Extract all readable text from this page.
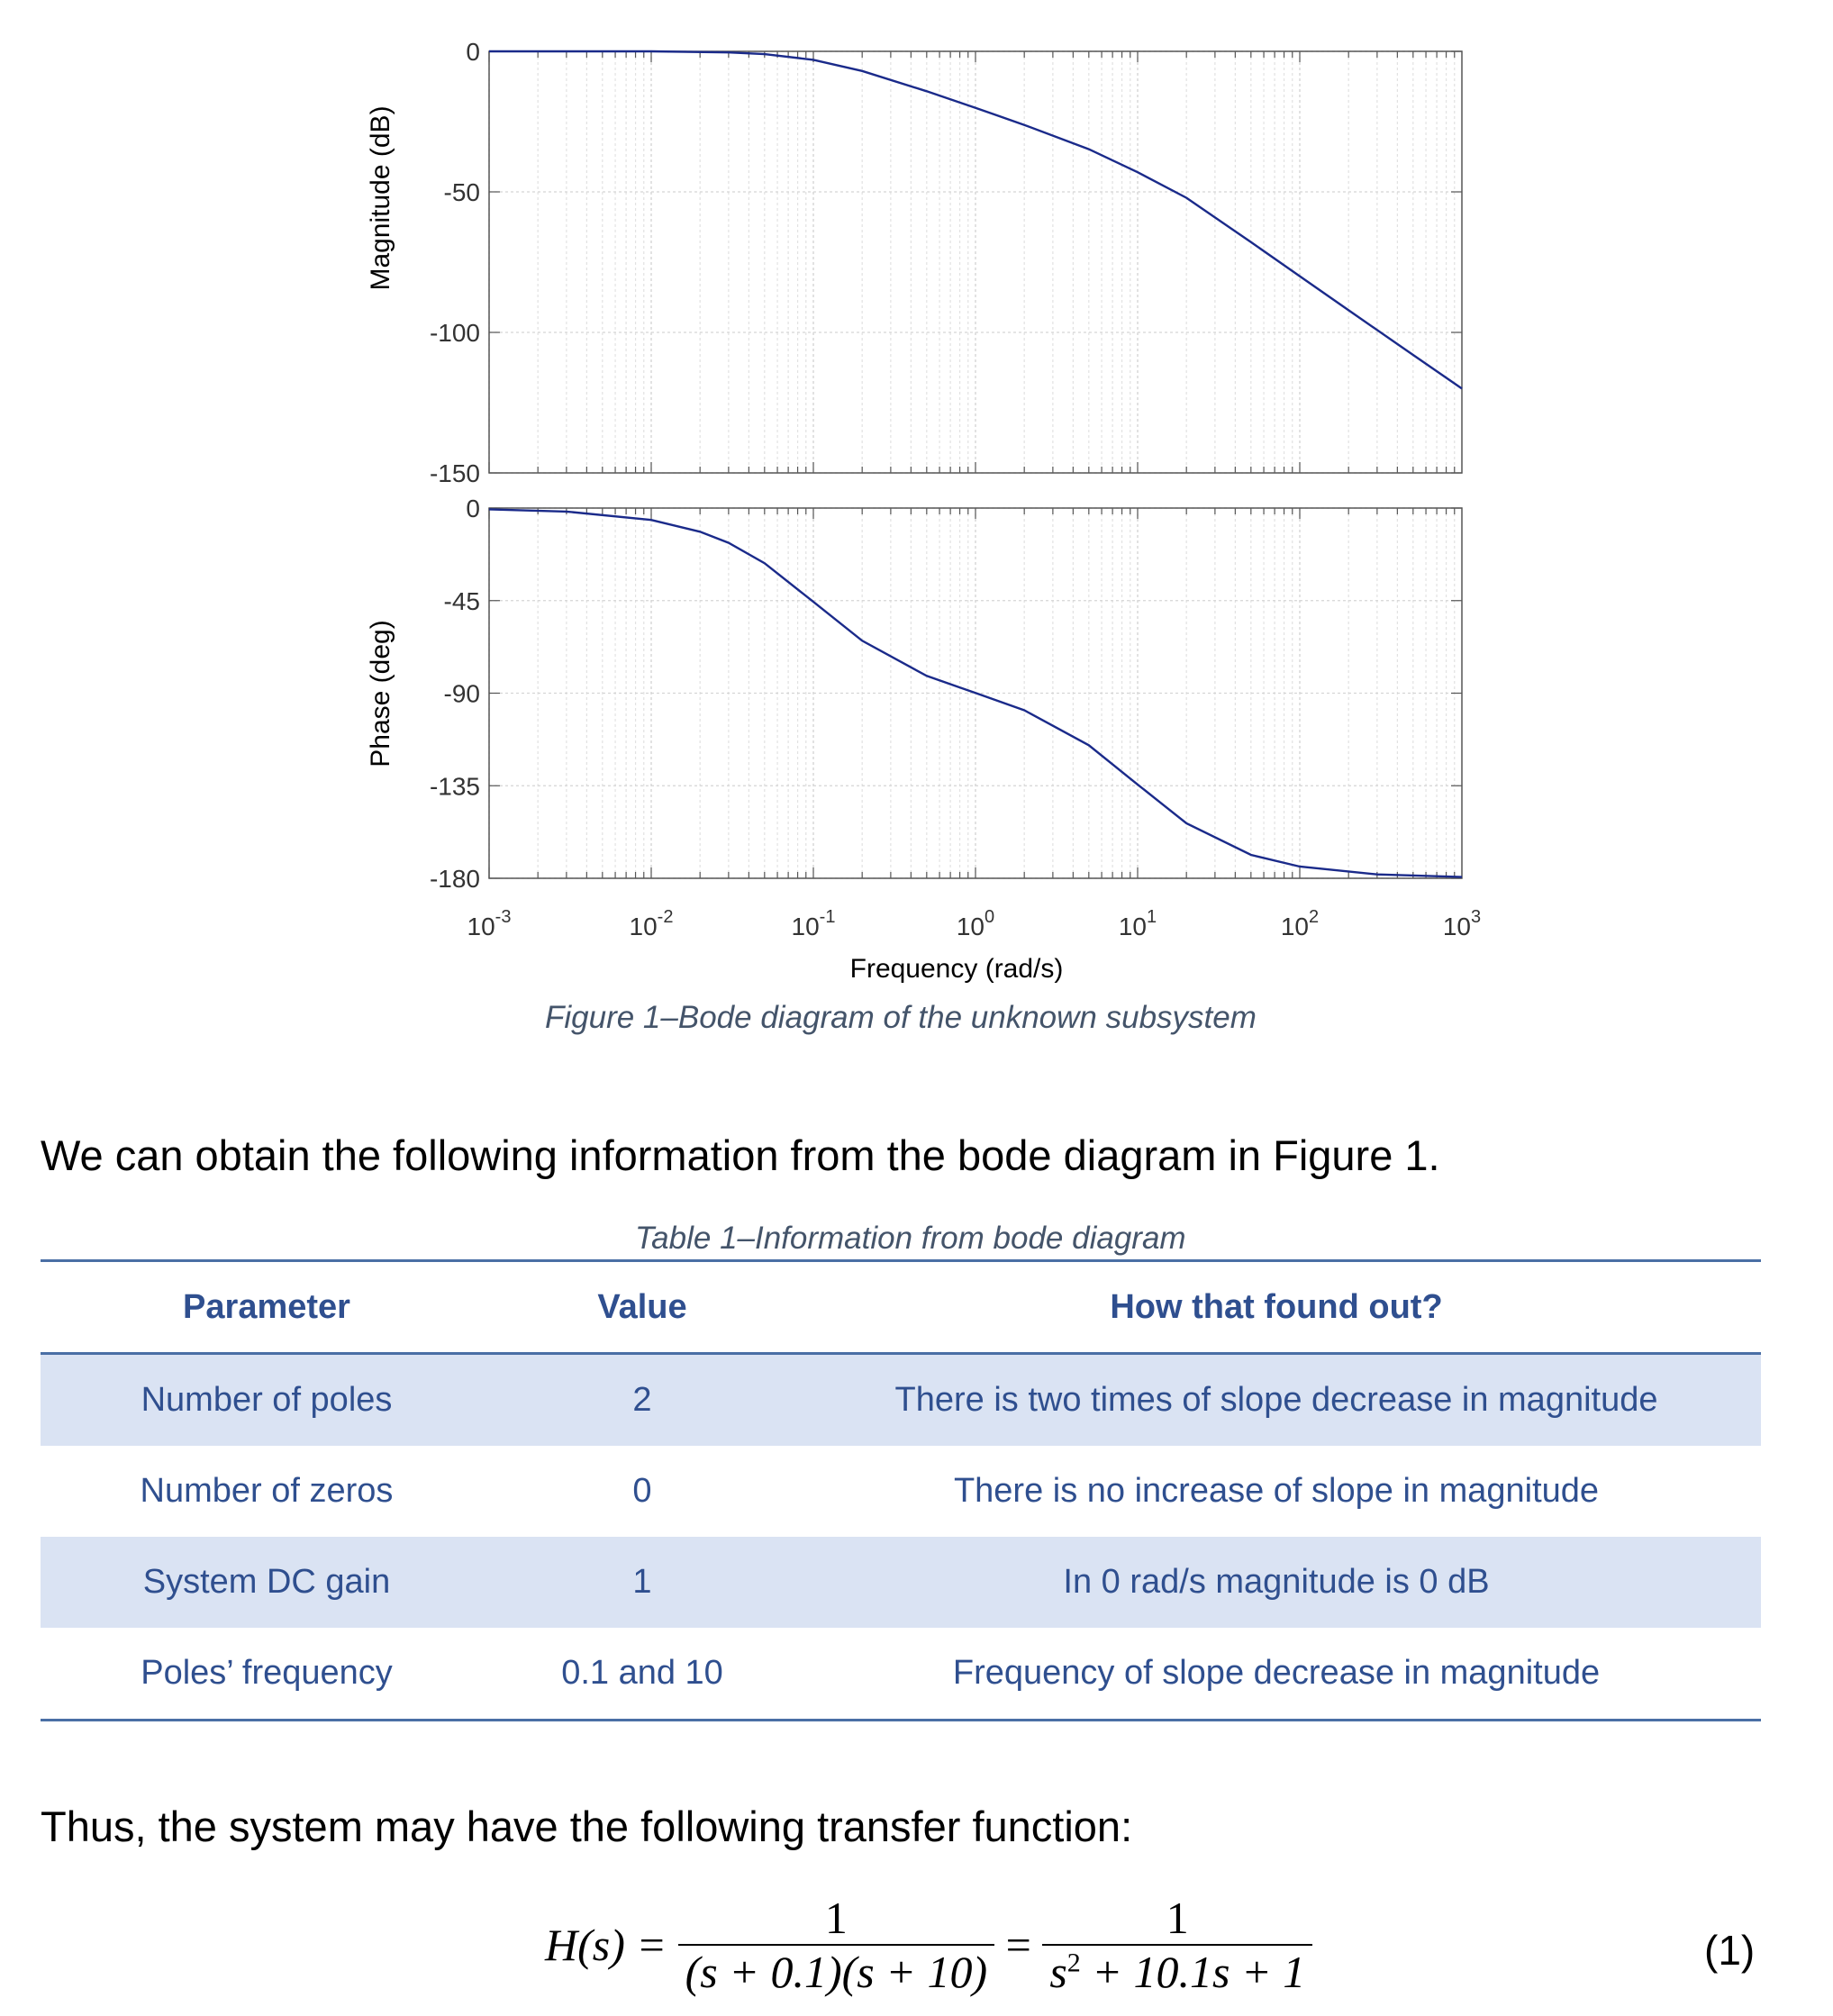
0
-50
-100
-150
0
-45
-90
-135
-180
$10^{-3}$	$10^{-2}$	$10^{-1}$	$10^0$	$10^1$	$10^2$	$10^3$
Magnitude (dB)
Phase (deg)
Frequency (rad/s)
Figure 1–Bode diagram of the unknown subsystem
We can obtain the following information from the bode diagram in Figure 1.
Table 1–Information from bode diagram
Parameter	Value	How that found out?
Number of poles	2	There is two times of slope decrease in magnitude
Number of zeros	0	There is no increase of slope in magnitude
System DC gain	1	In 0 rad/s magnitude is 0 dB
Poles’ frequency	0.1 and 10	Frequency of slope decrease in magnitude
Thus, the system may have the following transfer function:
$H(s) = \frac{1}{(s + 0.1)(s + 10)} = \frac{1}{s^2 + 10.1s + 1}$	(1)
